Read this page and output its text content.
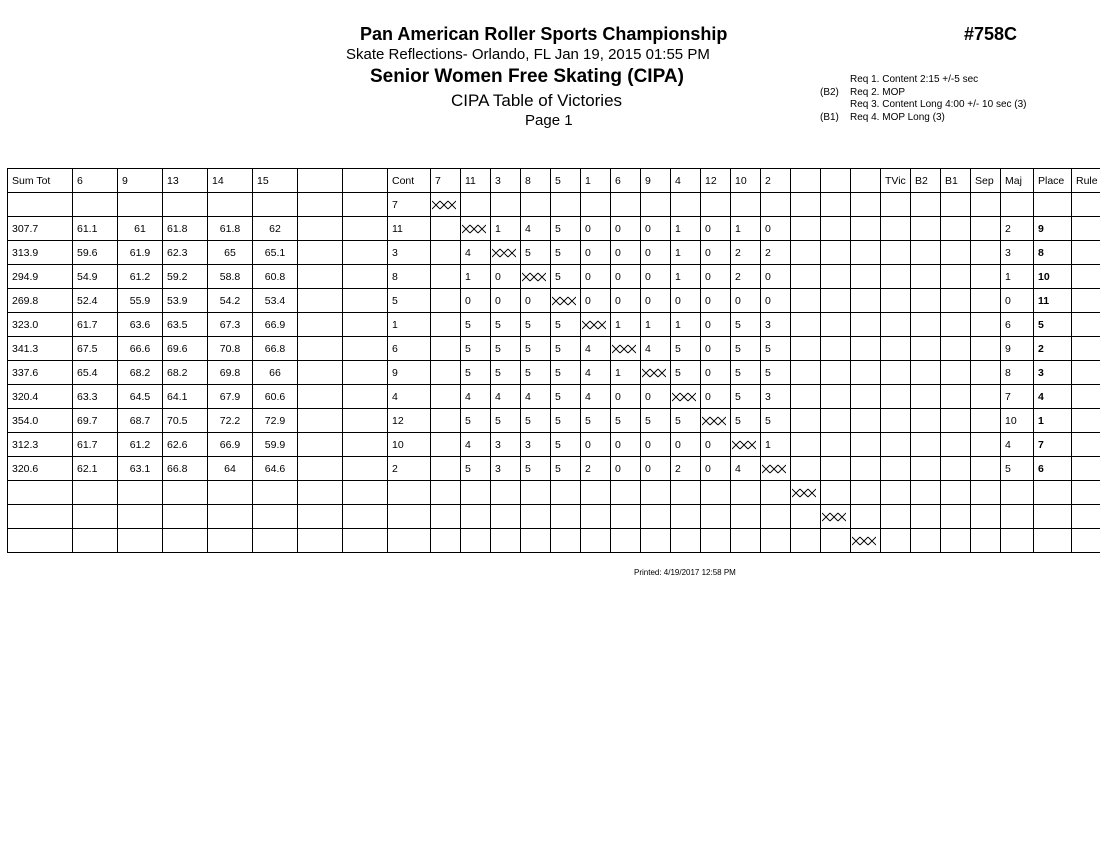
Pan American Roller Sports Championship	#758C
Skate Reflections- Orlando, FL Jan 19, 2015 01:55 PM
Senior Women Free Skating (CIPA)
CIPA Table of Victories
Page 1
Req 1. Content 2:15 +/-5 sec
(B2)	Req 2. MOP
Req 3. Content Long 4:00 +/- 10 sec (3)
(B1)	Req 4. MOP Long (3)
Sum Tot	6	9	13	14	15			Cont	7	11	3	8	5	1	6	9	4	12	10	2				TVic	B2	B1	Sep	Maj	Place	Rule
								7																						
307.7	61.1	61	61.8	61.8	62			11			1	4	5	0	0	0	1	0	1	0								2	9	
313.9	59.6	61.9	62.3	65	65.1			3		4		5	5	0	0	0	1	0	2	2								3	8	
294.9	54.9	61.2	59.2	58.8	60.8			8		1	0		5	0	0	0	1	0	2	0								1	10	
269.8	52.4	55.9	53.9	54.2	53.4			5		0	0	0		0	0	0	0	0	0	0								0	11	
323.0	61.7	63.6	63.5	67.3	66.9			1		5	5	5	5		1	1	1	0	5	3								6	5	
341.3	67.5	66.6	69.6	70.8	66.8			6		5	5	5	5	4		4	5	0	5	5								9	2	
337.6	65.4	68.2	68.2	69.8	66			9		5	5	5	5	4	1		5	0	5	5								8	3	
320.4	63.3	64.5	64.1	67.9	60.6			4		4	4	4	5	4	0	0		0	5	3								7	4	
354.0	69.7	68.7	70.5	72.2	72.9			12		5	5	5	5	5	5	5	5		5	5								10	1	
312.3	61.7	61.2	62.6	66.9	59.9			10		4	3	3	5	0	0	0	0	0		1								4	7	
320.6	62.1	63.1	66.8	64	64.6			2		5	3	5	5	2	0	0	2	0	4									5	6	

Printed: 4/19/2017 12:58 PM
